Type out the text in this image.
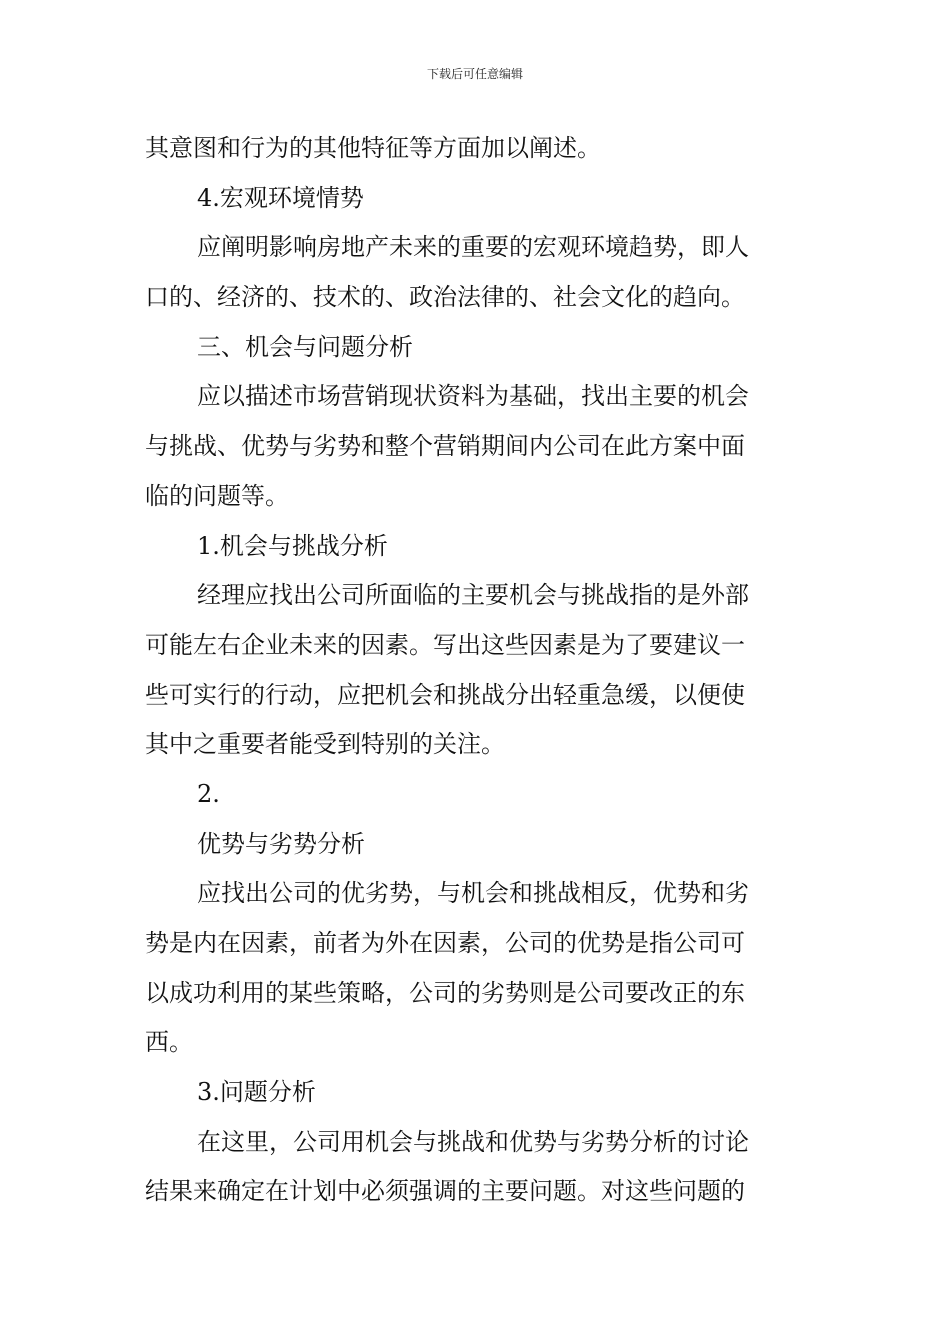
下载后可任意编辑
其意图和行为的其他特征等方面加以阐述。
4.宏观环境情势
应阐明影响房地产未来的重要的宏观环境趋势，即人
口的、经济的、技术的、政治法律的、社会文化的趋向。
三、机会与问题分析
应以描述市场营销现状资料为基础，找出主要的机会
与挑战、优势与劣势和整个营销期间内公司在此方案中面
临的问题等。
1.机会与挑战分析
经理应找出公司所面临的主要机会与挑战指的是外部
可能左右企业未来的因素。写出这些因素是为了要建议一
些可实行的行动，应把机会和挑战分出轻重急缓，以便使
其中之重要者能受到特别的关注。
2.
优势与劣势分析
应找出公司的优劣势，与机会和挑战相反，优势和劣
势是内在因素，前者为外在因素，公司的优势是指公司可
以成功利用的某些策略，公司的劣势则是公司要改正的东
西。
3.问题分析
在这里，公司用机会与挑战和优势与劣势分析的讨论
结果来确定在计划中必须强调的主要问题。对这些问题的
